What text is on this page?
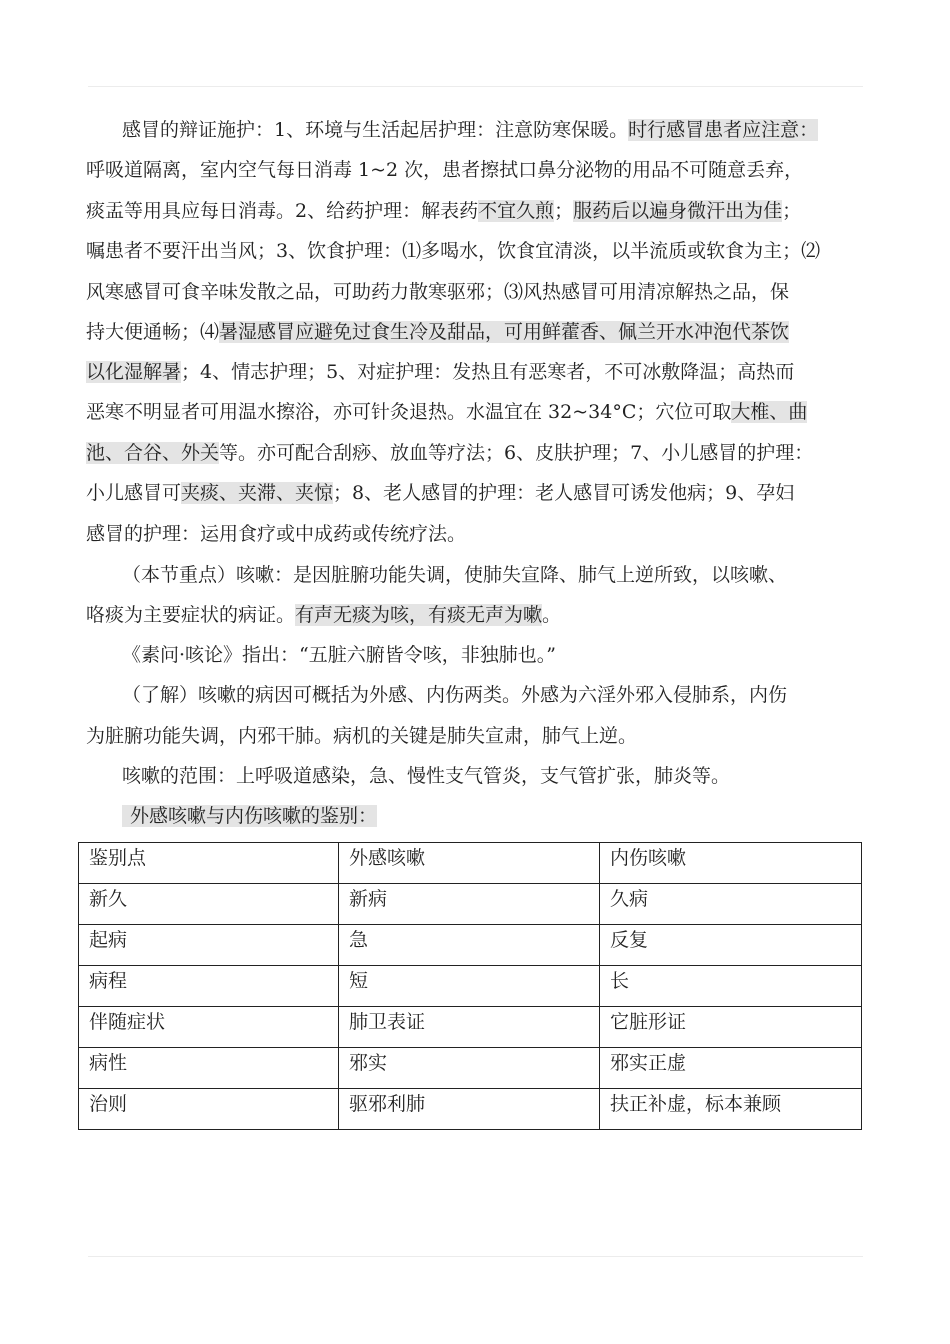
感冒的辩证施护：1、环境与生活起居护理：注意防寒保暖。时行感冒患者应注意：
呼吸道隔离，室内空气每日消毒 1~2 次，患者擦拭口鼻分泌物的用品不可随意丢弃，
痰盂等用具应每日消毒。2、给药护理：解表药不宜久煎；服药后以遍身微汗出为佳；
嘱患者不要汗出当风；3、饮食护理：⑴多喝水，饮食宜清淡，以半流质或软食为主；⑵
风寒感冒可食辛味发散之品，可助药力散寒驱邪；⑶风热感冒可用清凉解热之品，保
持大便通畅；⑷暑湿感冒应避免过食生冷及甜品，可用鲜藿香、佩兰开水冲泡代茶饮
以化湿解暑；4、情志护理；5、对症护理：发热且有恶寒者，不可冰敷降温；高热而
恶寒不明显者可用温水擦浴，亦可针灸退热。水温宜在 32~34°C；穴位可取大椎、曲
池、合谷、外关等。亦可配合刮痧、放血等疗法；6、皮肤护理；7、小儿感冒的护理：
小儿感冒可夹痰、夹滞、夹惊；8、老人感冒的护理：老人感冒可诱发他病；9、孕妇
感冒的护理：运用食疗或中成药或传统疗法。
（本节重点）咳嗽：是因脏腑功能失调，使肺失宣降、肺气上逆所致，以咳嗽、
咯痰为主要症状的病证。有声无痰为咳，有痰无声为嗽。
《素问·咳论》指出：“五脏六腑皆令咳，非独肺也。”
（了解）咳嗽的病因可概括为外感、内伤两类。外感为六淫外邪入侵肺系，内伤
为脏腑功能失调，内邪干肺。病机的关键是肺失宣肃，肺气上逆。
咳嗽的范围：上呼吸道感染，急、慢性支气管炎，支气管扩张，肺炎等。
外感咳嗽与内伤咳嗽的鉴别：
鉴别点	外感咳嗽	内伤咳嗽
新久	新病	久病
起病	急	反复
病程	短	长
伴随症状	肺卫表证	它脏形证
病性	邪实	邪实正虚
治则	驱邪利肺	扶正补虚，标本兼顾
